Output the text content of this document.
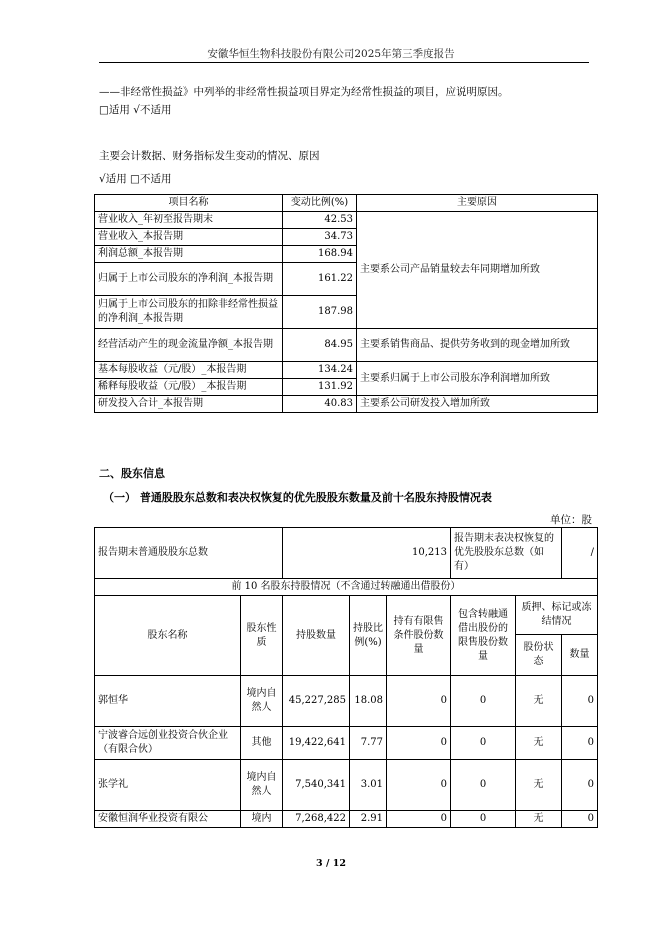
安徽华恒生物科技股份有限公司2025年第三季度报告
——非经常性损益》中列举的非经常性损益项目界定为经常性损益的项目，应说明原因。
□适用 √不适用
主要会计数据、财务指标发生变动的情况、原因
√适用 □不适用
项目名称	变动比例(%)	主要原因
营业收入_年初至报告期末	42.53	主要系公司产品销量较去年同期增加所致
营业收入_本报告期	34.73	
利润总额_本报告期	168.94	
归属于上市公司股东的净利润_本报告期	161.22	
归属于上市公司股东的扣除非经常性损益的净利润_本报告期	187.98	
经营活动产生的现金流量净额_本报告期	84.95	主要系销售商品、提供劳务收到的现金增加所致
基本每股收益（元/股）_本报告期	134.24	主要系归属于上市公司股东净利润增加所致
稀释每股收益（元/股）_本报告期	131.92	
研发投入合计_本报告期	40.83	主要系公司研发投入增加所致
二、股东信息
（一） 普通股股东总数和表决权恢复的优先股股东数量及前十名股东持股情况表
单位：股
报告期末普通股股东总数		10,213			报告期末表决权恢复的优先股股东总数（如有）		/
前 10 名股东持股情况（不含通过转融通出借股份）							
股东名称	股东性质	持股数量	持股比例(%)	持有有限售条件股份数量	包含转融通借出股份的限售股份数量	质押、标记或冻结情况	
						股份状态	数量
郭恒华	境内自然人	45,227,285	18.08	0	0	无	0
宁波睿合远创业投资合伙企业（有限合伙）	其他	19,422,641	7.77	0	0	无	0
张学礼	境内自然人	7,540,341	3.01	0	0	无	0
安徽恒润华业投资有限公	境内	7,268,422	2.91	0	0	无	0
3 / 12
